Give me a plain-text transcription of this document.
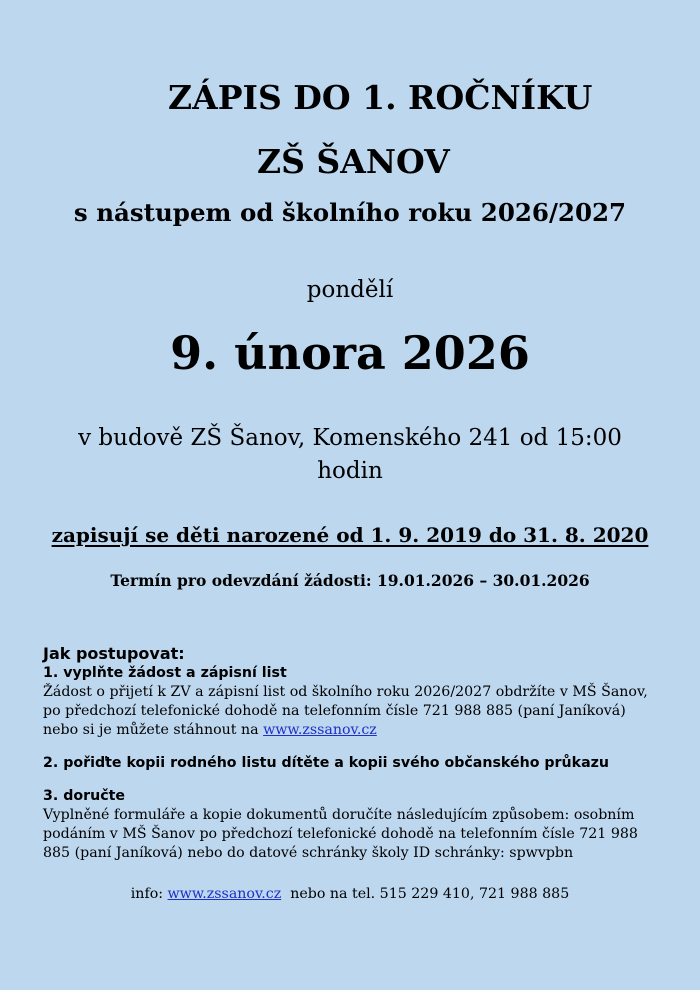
ZÁPIS DO 1. ROČNÍKU
ZŠ ŠANOV
s nástupem od školního roku 2026/2027
pondělí
9. února 2026
v budově ZŠ Šanov, Komenského 241 od 15:00
hodin
zapisují se děti narozené od 1. 9. 2019 do 31. 8. 2020
Termín pro odevzdání žádosti: 19.01.2026 – 30.01.2026

Jak postupovat:

1. vyplňte žádost a zápisní list

Žádost o přijetí k ZV a zápisní list od školního roku 2026/2027 obdržíte v MŠ Šanov, po předchozí telefonické dohodě na telefonním čísle 721 988 885 (paní Janíková) nebo si je můžete stáhnout na www.zssanov.cz

2. pořiďte kopii rodného listu dítěte a kopii svého občanského průkazu

3. doručte

Vyplněné formuláře a kopie dokumentů doručíte následujícím způsobem: osobním podáním v MŠ Šanov po předchozí telefonické dohodě na telefonním čísle 721 988 885 (paní Janíková) nebo do datové schránky školy ID schránky: spwvpbn

info: www.zssanov.cz  nebo na tel. 515 229 410, 721 988 885
